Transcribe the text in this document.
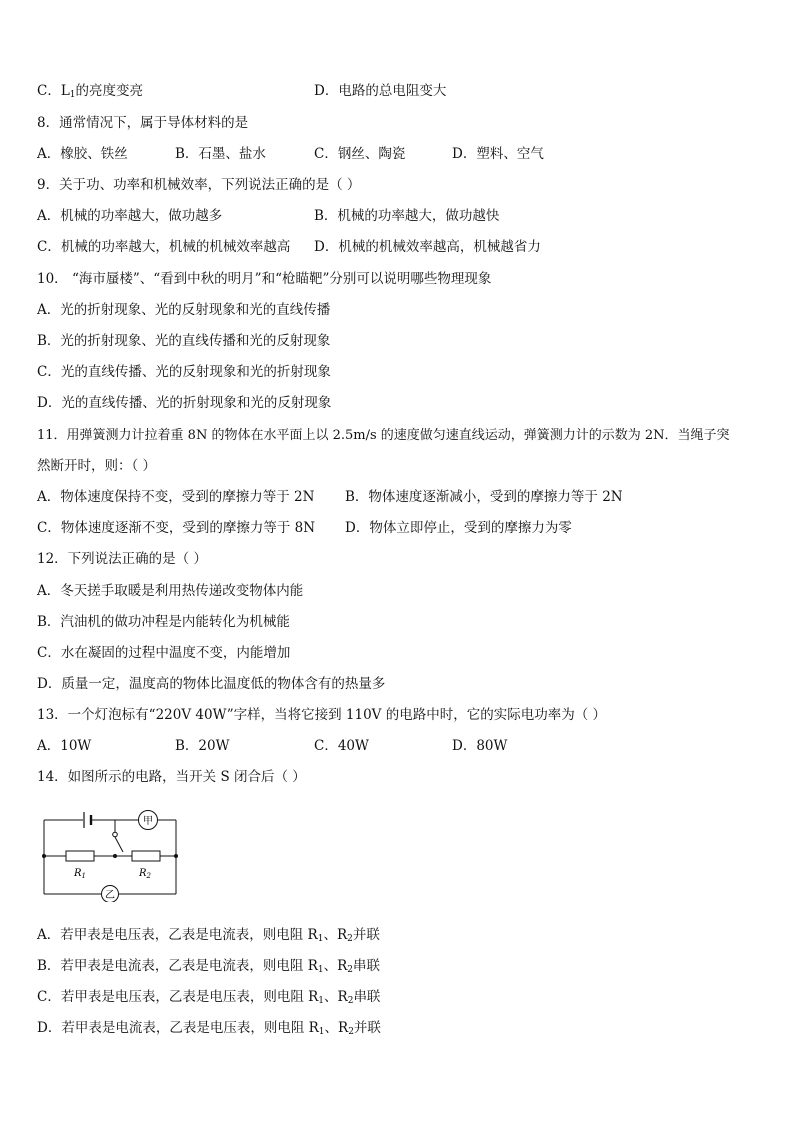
C．$L_1$的亮度变亮	D．电路的总电阻变大
8．通常情况下，属于导体材料的是
A．橡胶、铁丝	B．石墨、盐水	C．钢丝、陶瓷	D．塑料、空气
9．关于功、功率和机械效率，下列说法正确的是（ ）
A．机械的功率越大，做功越多	B．机械的功率越大，做功越快
C．机械的功率越大，机械的机械效率越高 D．机械的机械效率越高，机械越省力
10． “海市蜃楼”、“看到中秋的明月”和“枪瞄靶”分别可以说明哪些物理现象
A．光的折射现象、光的反射现象和光的直线传播
B．光的折射现象、光的直线传播和光的反射现象
C．光的直线传播、光的反射现象和光的折射现象
D．光的直线传播、光的折射现象和光的反射现象
11．用弹簧测力计拉着重 8N 的物体在水平面上以 2.5m/s 的速度做匀速直线运动，弹簧测力计的示数为 2N．当绳子突
然断开时，则：（ ）
A．物体速度保持不变，受到的摩擦力等于 2N B．物体速度逐渐减小，受到的摩擦力等于 2N
C．物体速度逐渐不变，受到的摩擦力等于 8N D．物体立即停止，受到的摩擦力为零
12．下列说法正确的是（ ）
A．冬天搓手取暖是利用热传递改变物体内能
B．汽油机的做功冲程是内能转化为机械能
C．水在凝固的过程中温度不变，内能增加
D．质量一定，温度高的物体比温度低的物体含有的热量多
13．一个灯泡标有“220V 40W”字样，当将它接到 110V 的电路中时，它的实际电功率为（ ）
A．10W	B．20W	C．40W	D．80W
14．如图所示的电路，当开关 S 闭合后（ ）
$R_1$	$R_2$
甲
乙
A．若甲表是电压表，乙表是电流表，则电阻 $R_1$、$R_2$并联
B．若甲表是电流表，乙表是电流表，则电阻 $R_1$、$R_2$串联
C．若甲表是电压表，乙表是电压表，则电阻 $R_1$、$R_2$串联
D．若甲表是电流表，乙表是电压表，则电阻 $R_1$、$R_2$并联
